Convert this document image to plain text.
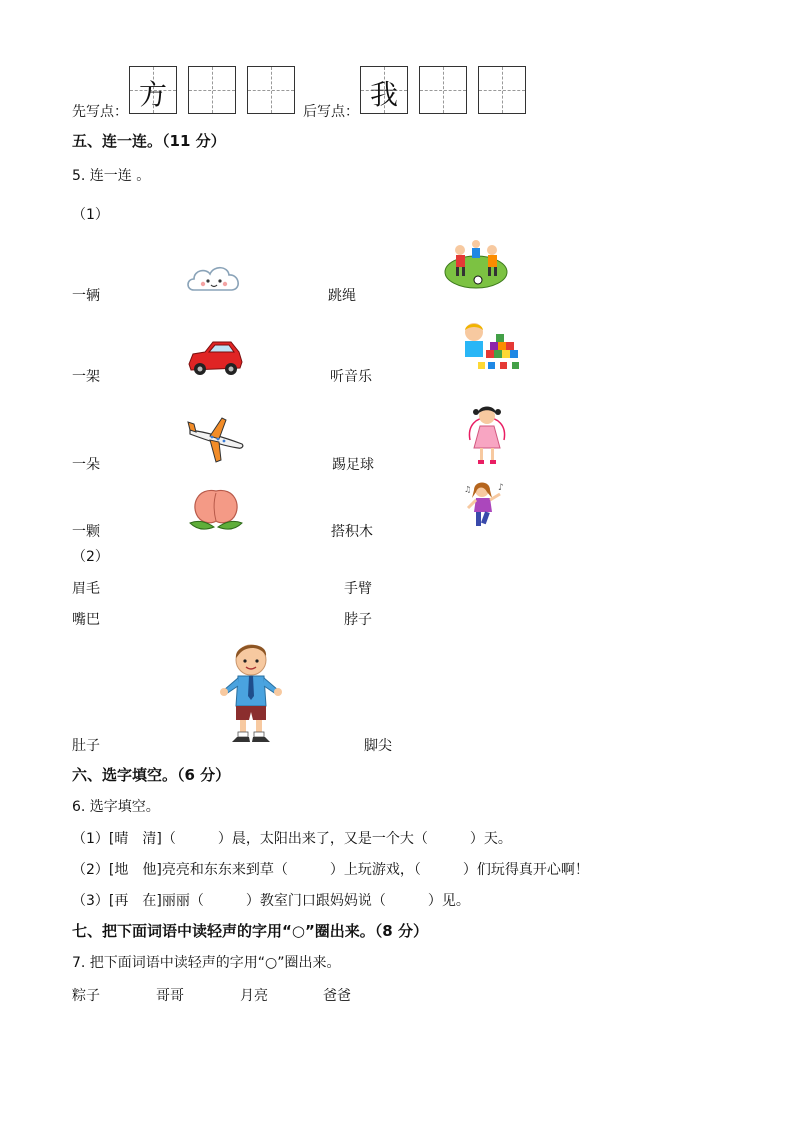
先写点：
方
后写点：
我
五、连一连。（11 分）
5. 连一连 。
（1）
一辆
一架
一朵
一颗
跳绳
听音乐
踢足球
搭积木
♪
♫
（2）
眉毛
嘴巴
肚子
手臂
脖子
脚尖
六、选字填空。（6 分）
6. 选字填空。
（1）[晴　清]（　　　）晨，太阳出来了，又是一个大（　　　）天。
（2）[地　他]亮亮和东东来到草（　　　）上玩游戏，（　　　）们玩得真开心啊！
（3）[再　在]丽丽（　　　）教室门口跟妈妈说（　　　）见。
七、把下面词语中读轻声的字用“○”圈出来。（8 分）
7. 把下面词语中读轻声的字用“○”圈出来。
粽子	哥哥	月亮	爸爸
